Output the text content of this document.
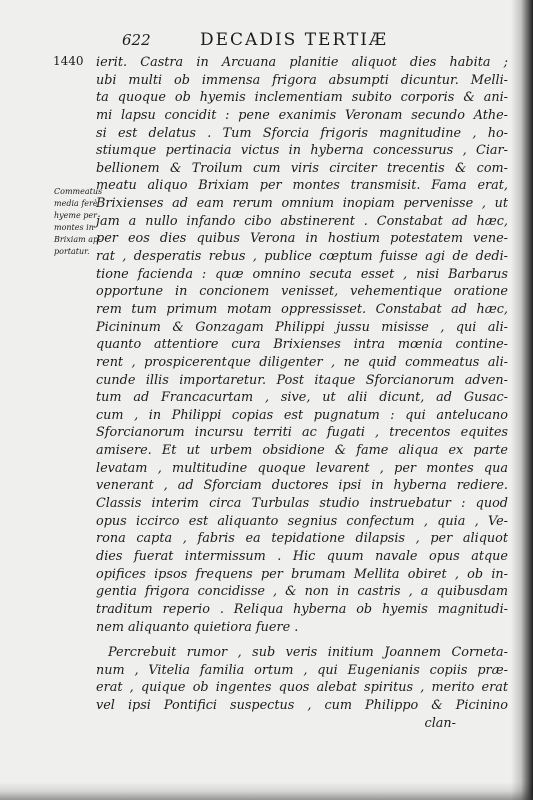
622	DECADIS TERTIÆ
1440
Commeatus
media ferè
hyeme per
montes in
Brixiam ap-
portatur.
ierit. Castra in Arcuana planitie aliquot dies habita ;
ubi multi ob immensa frigora absumpti dicuntur. Melli-
ta quoque ob hyemis inclementiam subito corporis & ani-
mi lapsu concidit : pene exanimis Veronam secundo Athe-
si est delatus . Tum Sforcia frigoris magnitudine , ho-
stiumque pertinacia victus in hyberna concessurus , Ciar-
bellionem & Troilum cum viris circiter trecentis & com-
meatu aliquo Brixiam per montes transmisit. Fama erat,
Brixienses ad eam rerum omnium inopiam pervenisse , ut
jam a nullo infando cibo abstinerent . Constabat ad hæc,
per eos dies quibus Verona in hostium potestatem vene-
rat , desperatis rebus , publice cœptum fuisse agi de dedi-
tione facienda : quæ omnino secuta esset , nisi Barbarus
opportune in concionem venisset, vehementique oratione
rem tum primum motam oppressisset. Constabat ad hæc,
Picininum & Gonzagam Philippi jussu misisse , qui ali-
quanto attentiore cura Brixienses intra mœnia contine-
rent , prospicerentque diligenter , ne quid commeatus ali-
cunde illis importaretur. Post itaque Sforcianorum adven-
tum ad Francacurtam , sive, ut alii dicunt, ad Gusac-
cum , in Philippi copias est pugnatum : qui antelucano
Sforcianorum incursu territi ac fugati , trecentos equites
amisere. Et ut urbem obsidione & fame aliqua ex parte
levatam , multitudine quoque levarent , per montes qua
venerant , ad Sforciam ductores ipsi in hyberna rediere.
Classis interim circa Turbulas studio instruebatur : quod
opus iccirco est aliquanto segnius confectum , quia , Ve-
rona capta , fabris ea tepidatione dilapsis , per aliquot
dies fuerat intermissum . Hic quum navale opus atque
opifices ipsos frequens per brumam Mellita obiret , ob in-
gentia frigora concidisse , & non in castris , a quibusdam
traditum reperio . Reliqua hyberna ob hyemis magnitudi-
nem aliquanto quietiora fuere .
Percrebuit rumor , sub veris initium Joannem Corneta-
num , Vitelia familia ortum , qui Eugenianis copiis præ-
erat , quique ob ingentes quos alebat spiritus , merito erat
vel ipsi Pontifici suspectus , cum Philippo & Picinino
clan-
